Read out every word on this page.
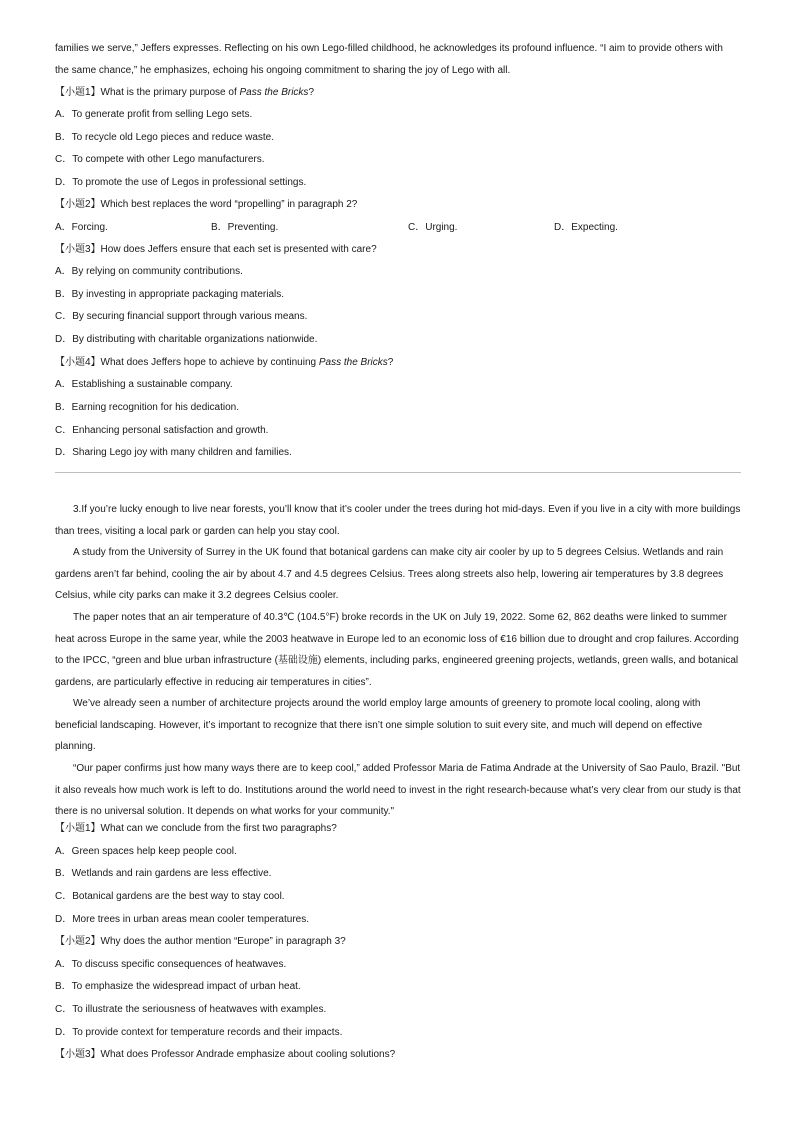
families we serve,” Jeffers expresses. Reflecting on his own Lego-filled childhood, he acknowledges its profound influence. “I aim to provide others with
the same chance,” he emphasizes, echoing his ongoing commitment to sharing the joy of Lego with all.
【小题1】What is the primary purpose of Pass the Bricks?
A．To generate profit from selling Lego sets.
B．To recycle old Lego pieces and reduce waste.
C．To compete with other Lego manufacturers.
D．To promote the use of Legos in professional settings.
【小题2】Which best replaces the word “propelling” in paragraph 2?
A．Forcing.	B．Preventing.	C．Urging.	D．Expecting.
【小题3】How does Jeffers ensure that each set is presented with care?
A．By relying on community contributions.
B．By investing in appropriate packaging materials.
C．By securing financial support through various means.
D．By distributing with charitable organizations nationwide.
【小题4】What does Jeffers hope to achieve by continuing Pass the Bricks?
A．Establishing a sustainable company.
B．Earning recognition for his dedication.
C．Enhancing personal satisfaction and growth.
D．Sharing Lego joy with many children and families.
3.If you’re lucky enough to live near forests, you’ll know that it’s cooler under the trees during hot mid-days. Even if you live in a city with more buildings than trees, visiting a local park or garden can help you stay cool.
A study from the University of Surrey in the UK found that botanical gardens can make city air cooler by up to 5 degrees Celsius. Wetlands and rain gardens aren’t far behind, cooling the air by about 4.7 and 4.5 degrees Celsius. Trees along streets also help, lowering air temperatures by 3.8 degrees Celsius, while city parks can make it 3.2 degrees Celsius cooler.
The paper notes that an air temperature of 40.3℃ (104.5°F) broke records in the UK on July 19, 2022. Some 62, 862 deaths were linked to summer heat across Europe in the same year, while the 2003 heatwave in Europe led to an economic loss of €16 billion due to drought and crop failures. According to the IPCC, “green and blue urban infrastructure (基础设施) elements, including parks, engineered greening projects, wetlands, green walls, and botanical gardens, are particularly effective in reducing air temperatures in cities”.
We’ve already seen a number of architecture projects around the world employ large amounts of greenery to promote local cooling, along with beneficial landscaping. However, it’s important to recognize that there isn’t one simple solution to suit every site, and much will depend on effective planning.
“Our paper confirms just how many ways there are to keep cool,” added Professor Maria de Fatima Andrade at the University of Sao Paulo, Brazil. "But it also reveals how much work is left to do. Institutions around the world need to invest in the right research-because what’s very clear from our study is that there is no universal solution. It depends on what works for your community."
【小题1】What can we conclude from the first two paragraphs?
A．Green spaces help keep people cool.
B．Wetlands and rain gardens are less effective.
C．Botanical gardens are the best way to stay cool.
D．More trees in urban areas mean cooler temperatures.
【小题2】Why does the author mention “Europe” in paragraph 3?
A．To discuss specific consequences of heatwaves.
B．To emphasize the widespread impact of urban heat.
C．To illustrate the seriousness of heatwaves with examples.
D．To provide context for temperature records and their impacts.
【小题3】What does Professor Andrade emphasize about cooling solutions?
